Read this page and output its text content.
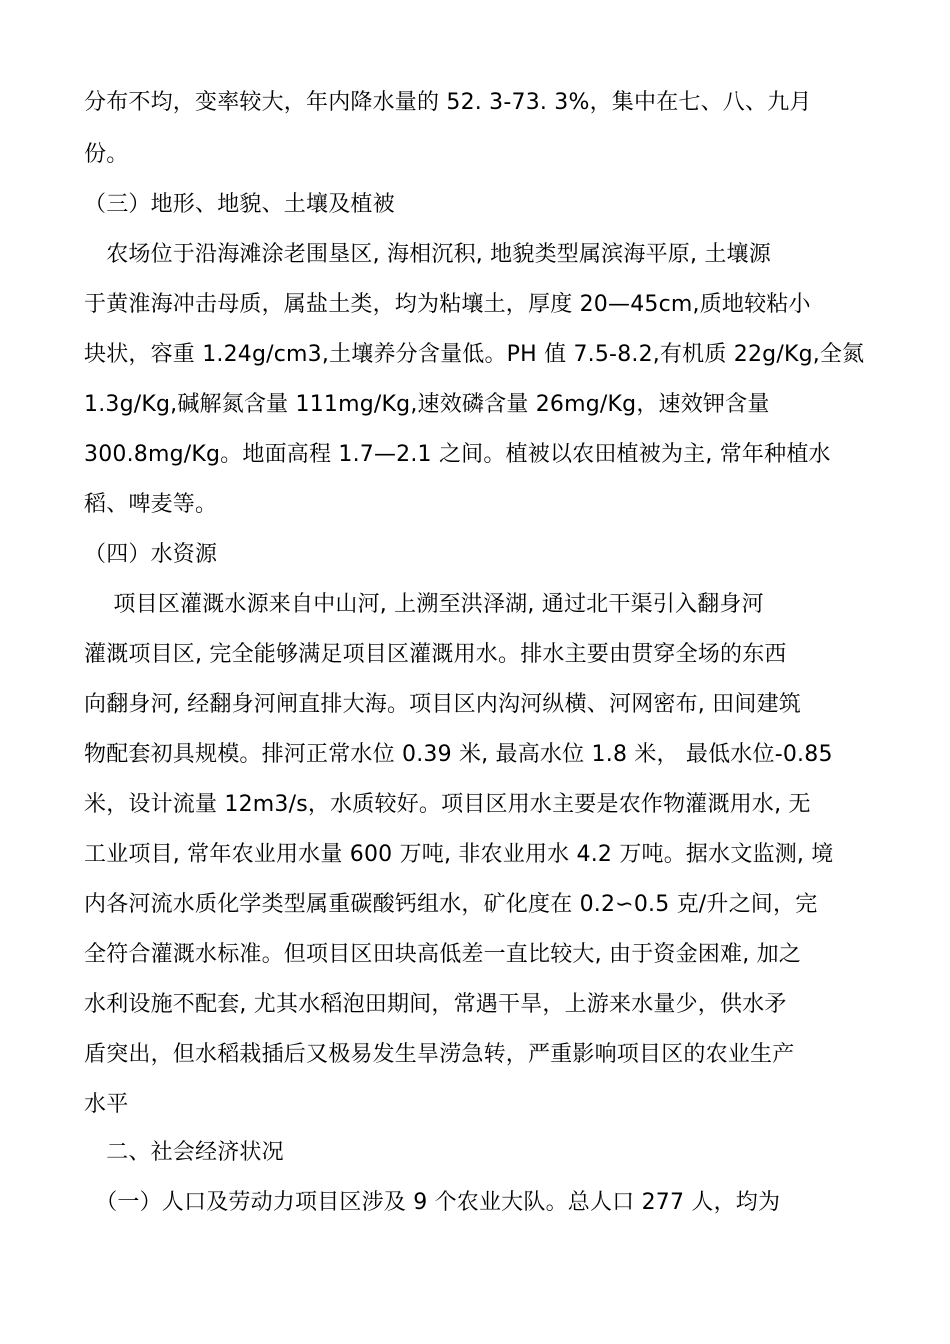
分布不均，变率较大，年内降水量的 52. 3-73. 3%，集中在七、八、九月
份。
（三）地形、地貌、土壤及植被
　农场位于沿海滩涂老围垦区, 海相沉积, 地貌类型属滨海平原, 土壤源
于黄淮海冲击母质，属盐土类，均为粘壤土，厚度 20—45cm,质地较粘小
块状，容重 1.24g/cm3,土壤养分含量低。PH 值 7.5-8.2,有机质 22g/Kg,全氮
1.3g/Kg,碱解氮含量 111mg/Kg,速效磷含量 26mg/Kg，速效钾含量
300.8mg/Kg。地面高程 1.7—2.1 之间。植被以农田植被为主, 常年种植水
稻、啤麦等。
（四）水资源
　 项目区灌溉水源来自中山河, 上溯至洪泽湖, 通过北干渠引入翻身河
灌溉项目区, 完全能够满足项目区灌溉用水。排水主要由贯穿全场的东西
向翻身河, 经翻身河闸直排大海。项目区内沟河纵横、河网密布, 田间建筑
物配套初具规模。排河正常水位 0.39 米, 最高水位 1.8 米， 最低水位-0.85
米，设计流量 12m3/s，水质较好。项目区用水主要是农作物灌溉用水, 无
工业项目, 常年农业用水量 600 万吨, 非农业用水 4.2 万吨。据水文监测, 境
内各河流水质化学类型属重碳酸钙组水，矿化度在 0.2∽0.5 克/升之间，完
全符合灌溉水标准。但项目区田块高低差一直比较大, 由于资金困难, 加之
水利设施不配套, 尤其水稻泡田期间，常遇干旱，上游来水量少，供水矛
盾突出，但水稻栽插后又极易发生旱涝急转，严重影响项目区的农业生产
水平
　二、社会经济状况
　（一）人口及劳动力项目区涉及 9 个农业大队。总人口 277 人，均为
